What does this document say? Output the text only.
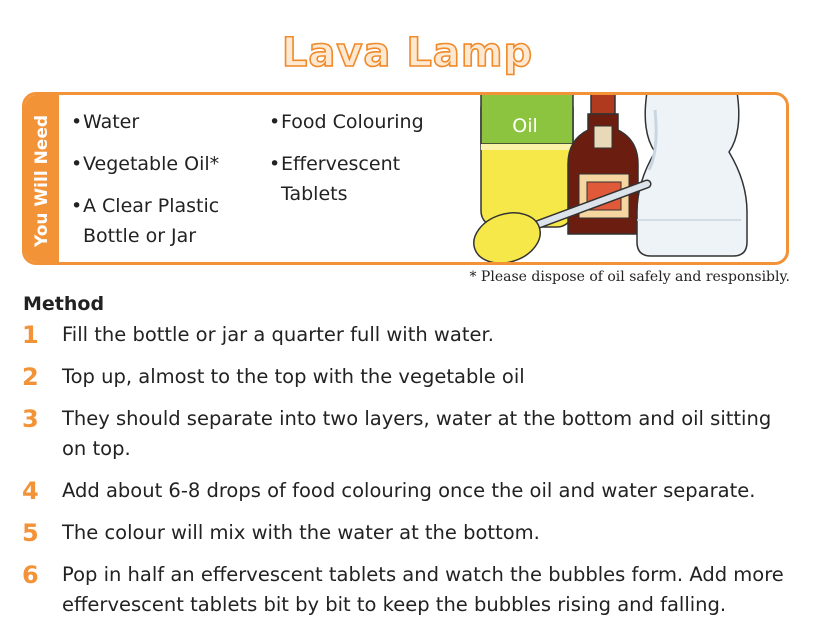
Lava Lamp
You Will Need • Water
• Vegetable Oil*
• A Clear Plastic Bottle or Jar
• Food Colouring
• Effervescent Tablets
Oil
* Please dispose of oil safely and responsibly.
Method
1	Fill the bottle or jar a quarter full with water.
2	Top up, almost to the top with the vegetable oil
3	They should separate into two layers, water at the bottom and oil sitting on top.
4	Add about 6-8 drops of food colouring once the oil and water separate.
5	The colour will mix with the water at the bottom.
6	Pop in half an effervescent tablets and watch the bubbles form. Add more effervescent tablets bit by bit to keep the bubbles rising and falling.
